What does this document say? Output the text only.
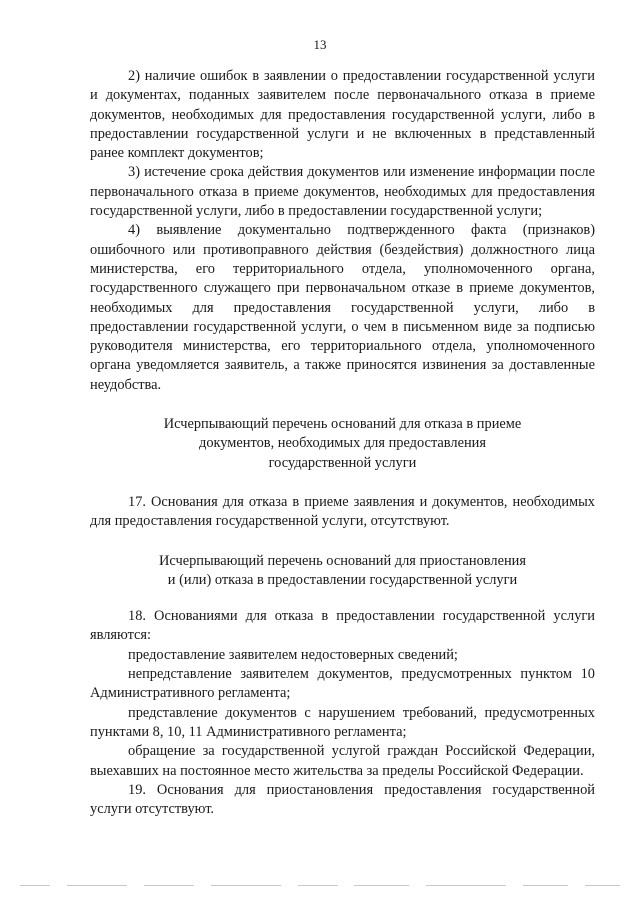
13

2) наличие ошибок в заявлении о предоставлении государственной услуги и документах, поданных заявителем после первоначального отказа в приеме документов, необходимых для предоставления государственной услуги, либо в предоставлении государственной услуги и не включенных в представленный ранее комплект документов;

3) истечение срока действия документов или изменение информации после первоначального отказа в приеме документов, необходимых для предоставления государственной услуги, либо в предоставлении государственной услуги;

4) выявление документально подтвержденного факта (признаков) ошибочного или противоправного действия (бездействия) должностного лица министерства, его территориального отдела, уполномоченного органа, государственного служащего при первоначальном отказе в приеме документов, необходимых для предоставления государственной услуги, либо в предоставлении государственной услуги, о чем в письменном виде за подписью руководителя министерства, его территориального отдела, уполномоченного органа уведомляется заявитель, а также приносятся извинения за доставленные неудобства.

Исчерпывающий перечень оснований для отказа в приеме
документов, необходимых для предоставления
государственной услуги

17. Основания для отказа в приеме заявления и документов, необходимых для предоставления государственной услуги, отсутствуют.

Исчерпывающий перечень оснований для приостановления
и (или) отказа в предоставлении государственной услуги

18. Основаниями для отказа в предоставлении государственной услуги являются:

предоставление заявителем недостоверных сведений;

непредставление заявителем документов, предусмотренных пунктом 10 Административного регламента;

представление документов с нарушением требований, предусмотренных пунктами 8, 10, 11 Административного регламента;

обращение за государственной услугой граждан Российской Федерации, выехавших на постоянное место жительства за пределы Российской Федерации.

19. Основания для приостановления предоставления государственной услуги отсутствуют.
